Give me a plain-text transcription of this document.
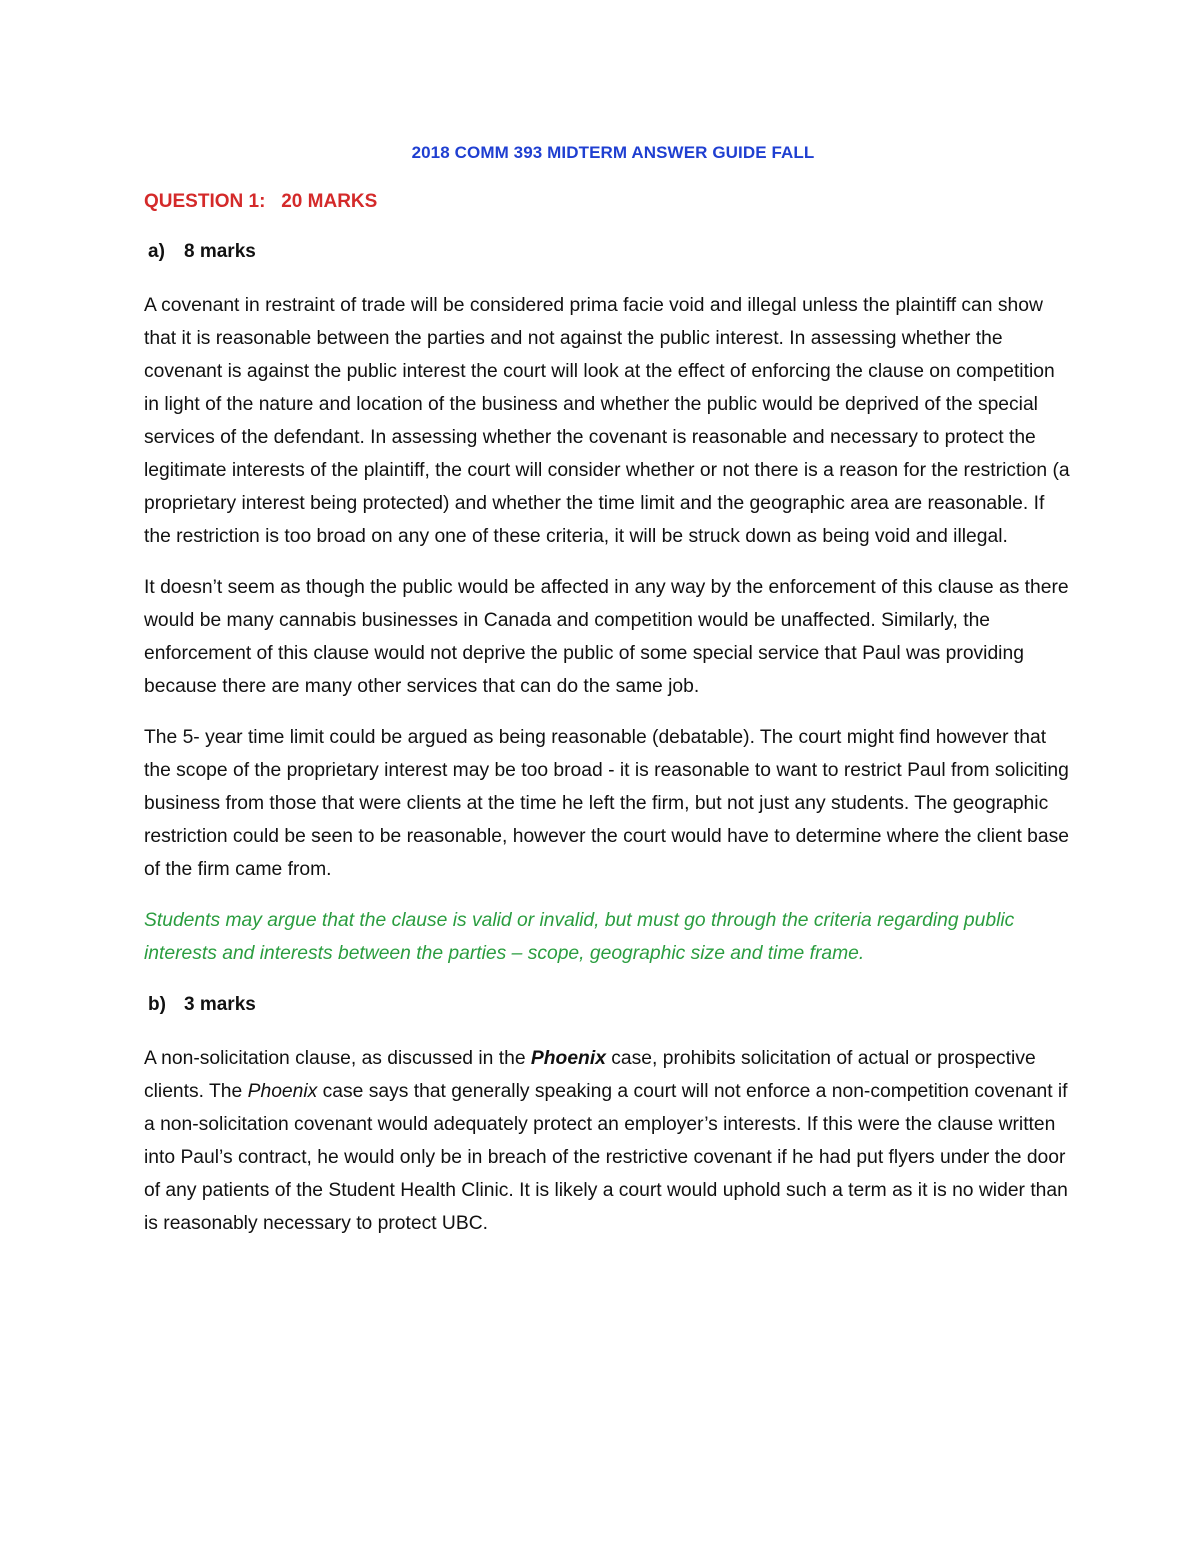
2018 COMM 393 MIDTERM ANSWER GUIDE FALL
QUESTION 1:   20 MARKS
a)	8 marks

A covenant in restraint of trade will be considered prima facie void and illegal unless the plaintiff can show that it is reasonable between the parties and not against the public interest. In assessing whether the covenant is against the public interest the court will look at the effect of enforcing the clause on competition in light of the nature and location of the business and whether the public would be deprived of the special services of the defendant. In assessing whether the covenant is reasonable and necessary to protect the legitimate interests of the plaintiff, the court will consider whether or not there is a reason for the restriction (a proprietary interest being protected) and whether the time limit and the geographic area are reasonable. If the restriction is too broad on any one of these criteria, it will be struck down as being void and illegal.

It doesn’t seem as though the public would be affected in any way by the enforcement of this clause as there would be many cannabis businesses in Canada and competition would be unaffected. Similarly, the enforcement of this clause would not deprive the public of some special service that Paul was providing because there are many other services that can do the same job.

The 5- year time limit could be argued as being reasonable (debatable). The court might find however that the scope of the proprietary interest may be too broad - it is reasonable to want to restrict Paul from soliciting business from those that were clients at the time he left the firm, but not just any students. The geographic restriction could be seen to be reasonable, however the court would have to determine where the client base of the firm came from.

Students may argue that the clause is valid or invalid, but must go through the criteria regarding public interests and interests between the parties – scope, geographic size and time frame.

b) 3 marks

A non-solicitation clause, as discussed in the Phoenix case, prohibits solicitation of actual or prospective clients. The Phoenix case says that generally speaking a court will not enforce a non-competition covenant if a non-solicitation covenant would adequately protect an employer’s interests. If this were the clause written into Paul’s contract, he would only be in breach of the restrictive covenant if he had put flyers under the door of any patients of the Student Health Clinic. It is likely a court would uphold such a term as it is no wider than is reasonably necessary to protect UBC.
